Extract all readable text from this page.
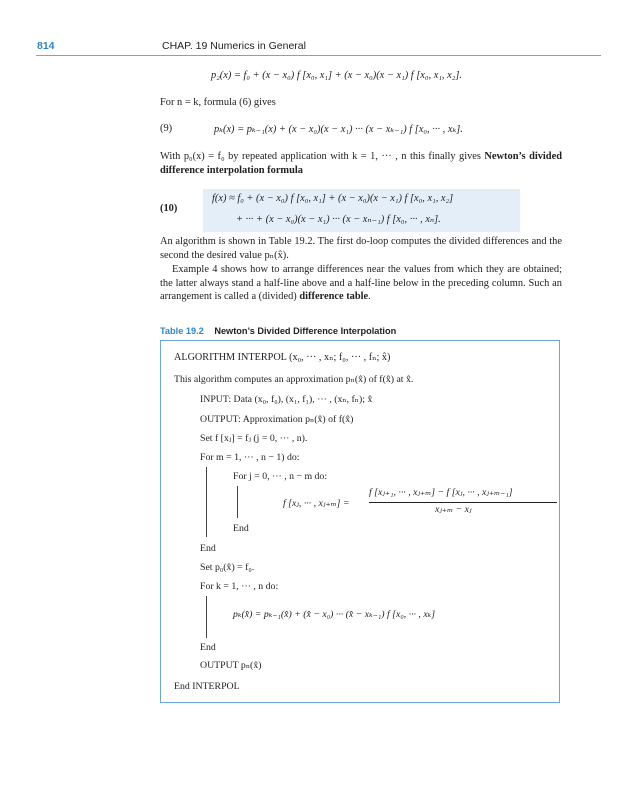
814	CHAP. 19 Numerics in General
p₂(x) = f₀ + (x − x₀) f [x₀, x₁] + (x − x₀)(x − x₁) f [x₀, x₁, x₂].
For n = k, formula (6) gives
(9)	pₖ(x) = pₖ₋₁(x) + (x − x₀)(x − x₁) ··· (x − xₖ₋₁) f [x₀, ··· , xₖ].
With p₀(x) = f₀ by repeated application with k = 1, ··· , n this finally gives Newton’s divided difference interpolation formula
(10)
f(x) ≈ f₀ + (x − x₀) f [x₀, x₁] + (x − x₀)(x − x₁) f [x₀, x₁, x₂]
+ ··· + (x − x₀)(x − x₁) ··· (x − xₙ₋₁) f [x₀, ··· , xₙ].
An algorithm is shown in Table 19.2. The first do-loop computes the divided differences and the second the desired value pₙ(x̂).
Example 4 shows how to arrange differences near the values from which they are obtained; the latter always stand a half-line above and a half-line below in the preceding column. Such an arrangement is called a (divided) difference table.
Table 19.2 Newton’s Divided Difference Interpolation
ALGORITHM INTERPOL (x₀, ··· , xₙ; f₀, ··· , fₙ; x̂)
This algorithm computes an approximation pₙ(x̂) of f(x̂) at x̂.
INPUT: Data (x₀, f₀), (x₁, f₁), ··· , (xₙ, fₙ); x̂
OUTPUT: Approximation pₙ(x̂) of f(x̂)
Set f [xⱼ] = fⱼ (j = 0, ··· , n).
For m = 1, ··· , n − 1) do:
For j = 0, ··· , n − m do:
f [xⱼ, ··· , xⱼ₊ₘ] =
f [xⱼ₊₁, ··· , xⱼ₊ₘ] − f [xⱼ, ··· , xⱼ₊ₘ₋₁]
xⱼ₊ₘ − xⱼ
End
End
Set p₀(x̂) = f₀.
For k = 1, ··· , n do:
pₖ(x̂) = pₖ₋₁(x̂) + (x̂ − x₀) ··· (x̂ − xₖ₋₁) f [x₀, ··· , xₖ]
End
OUTPUT pₙ(x̂)
End INTERPOL
